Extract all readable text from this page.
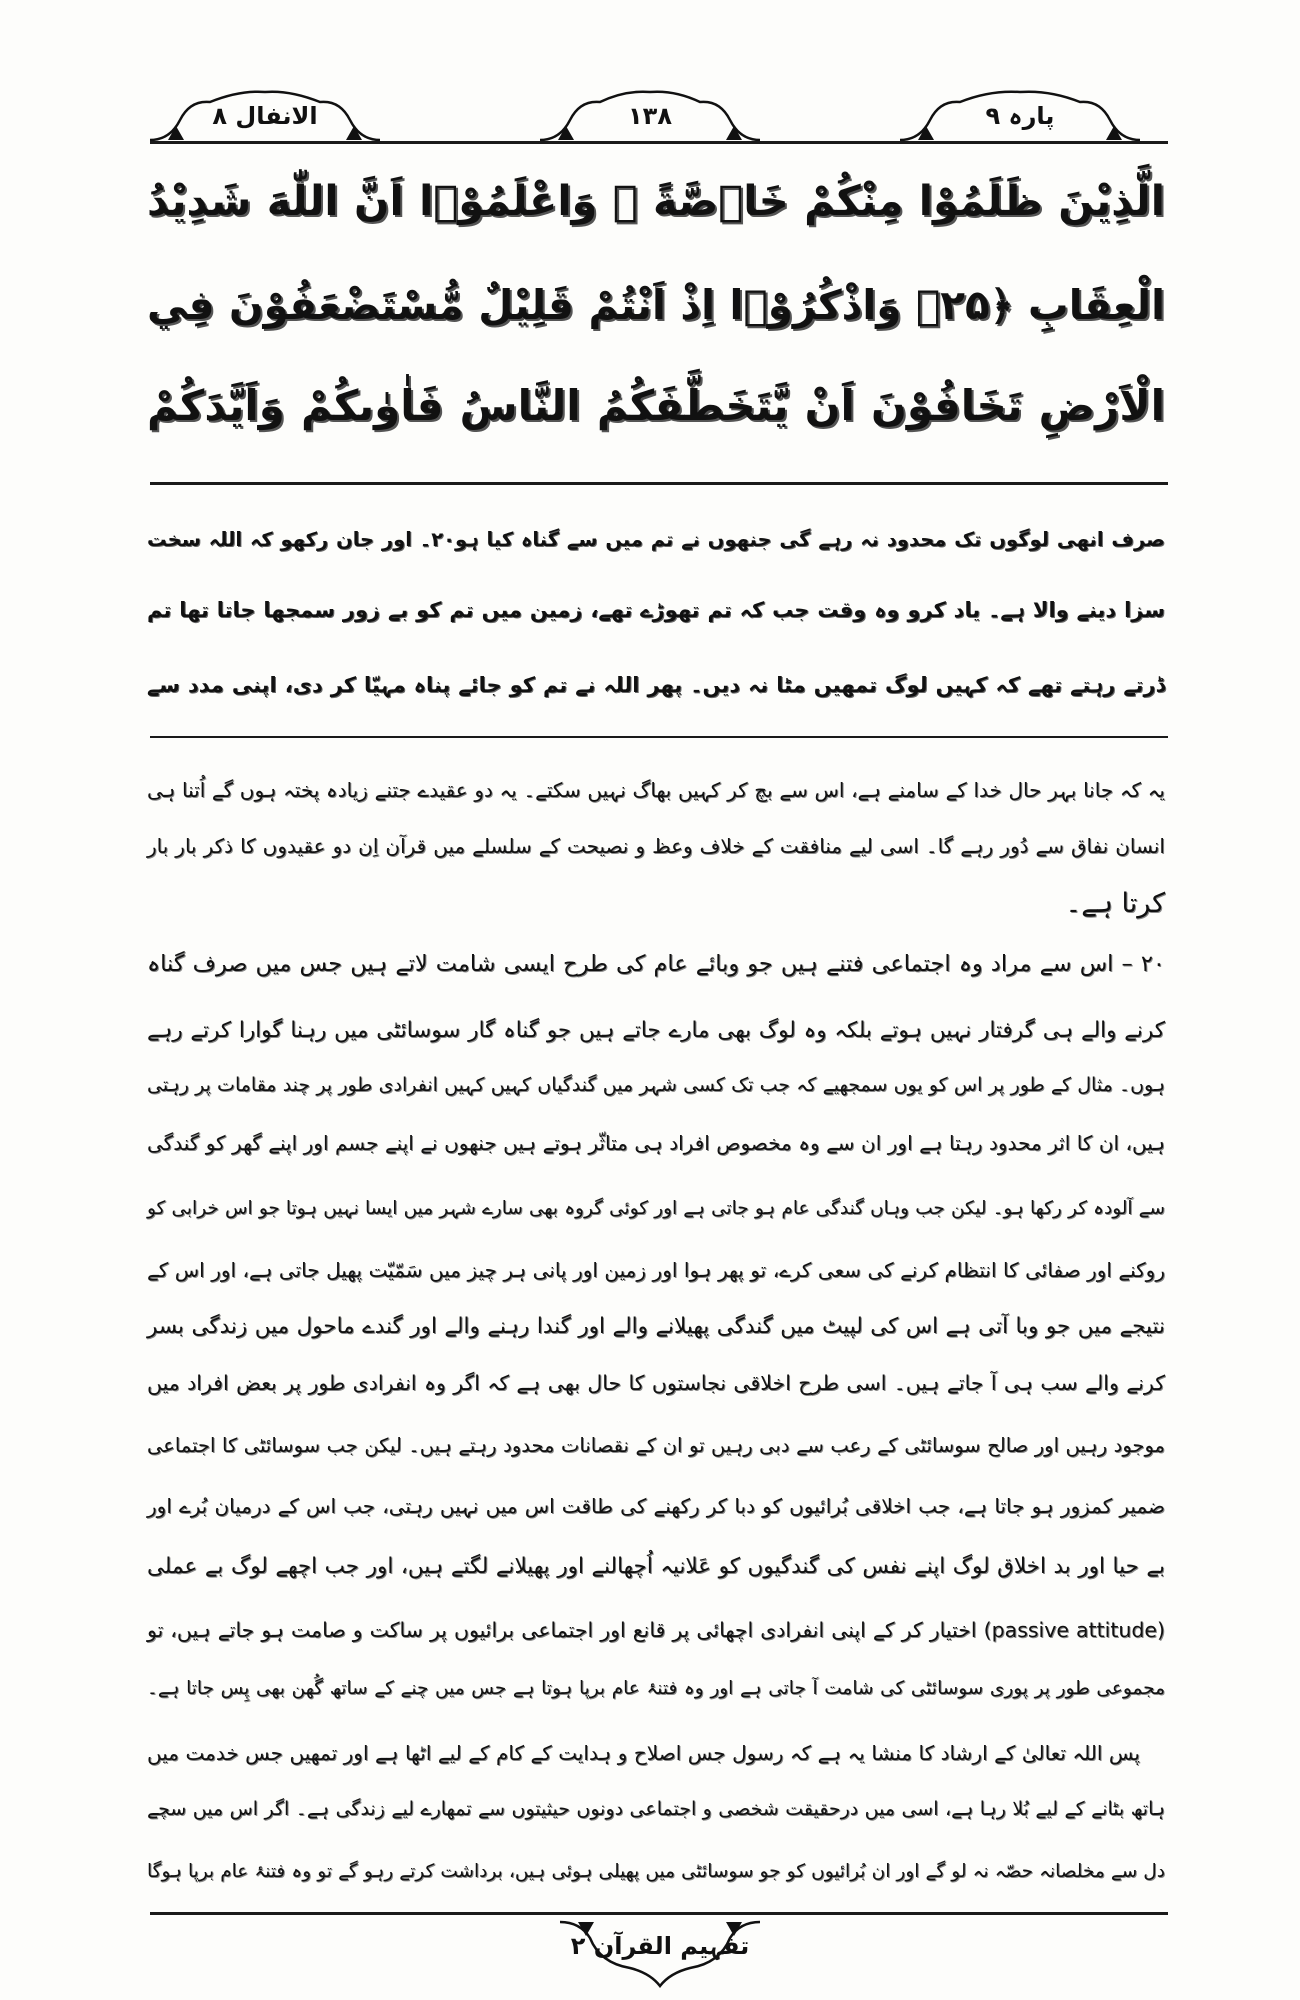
الانفال ۸	۱۳۸	پارہ ۹
الَّذِيْنَ ظَلَمُوْا مِنْكُمْ خَاۤصَّةً ۚ وَاعْلَمُوْۤا اَنَّ اللّٰهَ شَدِيْدُ
الْعِقَابِ ﴿۲۵﴾ وَاذْكُرُوْۤا اِذْ اَنْتُمْ قَلِيْلٌ مُّسْتَضْعَفُوْنَ فِي
الْاَرْضِ تَخَافُوْنَ اَنْ يَّتَخَطَّفَكُمُ النَّاسُ فَاٰوٰىكُمْ وَاَيَّدَكُمْ
صرف انھی لوگوں تک محدود نہ رہے گی جنھوں نے تم میں سے گناہ کیا ہو۲۰۔ اور جان رکھو کہ اللہ سخت
سزا دینے والا ہے۔ یاد کرو وہ وقت جب کہ تم تھوڑے تھے، زمین میں تم کو بے زور سمجھا جاتا تھا تم
ڈرتے رہتے تھے کہ کہیں لوگ تمھیں مٹا نہ دیں۔ پھر اللہ نے تم کو جائے پناہ مہیّا کر دی، اپنی مدد سے
یہ کہ جانا بہر حال خدا کے سامنے ہے، اس سے بچ کر کہیں بھاگ نہیں سکتے۔ یہ دو عقیدے جتنے زیادہ پختہ ہوں گے اُتنا ہی
انسان نفاق سے دُور رہے گا۔ اسی لیے منافقت کے خلاف وعظ و نصیحت کے سلسلے میں قرآن اِن دو عقیدوں کا ذکر بار بار
کرتا ہے۔
۲۰ – اس سے مراد وہ اجتماعی فتنے ہیں جو وبائے عام کی طرح ایسی شامت لاتے ہیں جس میں صرف گناہ
کرنے والے ہی گرفتار نہیں ہوتے بلکہ وہ لوگ بھی مارے جاتے ہیں جو گناہ گار سوسائٹی میں رہنا گوارا کرتے رہے
ہوں۔ مثال کے طور پر اس کو یوں سمجھیے کہ جب تک کسی شہر میں گندگیاں کہیں کہیں انفرادی طور پر چند مقامات پر رہتی
ہیں، ان کا اثر محدود رہتا ہے اور ان سے وہ مخصوص افراد ہی متاثّر ہوتے ہیں جنھوں نے اپنے جسم اور اپنے گھر کو گندگی
سے آلودہ کر رکھا ہو۔ لیکن جب وہاں گندگی عام ہو جاتی ہے اور کوئی گروہ بھی سارے شہر میں ایسا نہیں ہوتا جو اس خرابی کو
روکنے اور صفائی کا انتظام کرنے کی سعی کرے، تو پھر ہوا اور زمین اور پانی ہر چیز میں سَمّیّت پھیل جاتی ہے، اور اس کے
نتیجے میں جو وبا آتی ہے اس کی لپیٹ میں گندگی پھیلانے والے اور گندا رہنے والے اور گندے ماحول میں زندگی بسر
کرنے والے سب ہی آ جاتے ہیں۔ اسی طرح اخلاقی نجاستوں کا حال بھی ہے کہ اگر وہ انفرادی طور پر بعض افراد میں
موجود رہیں اور صالح سوسائٹی کے رعب سے دبی رہیں تو ان کے نقصانات محدود رہتے ہیں۔ لیکن جب سوسائٹی کا اجتماعی
ضمیر کمزور ہو جاتا ہے، جب اخلاقی بُرائیوں کو دبا کر رکھنے کی طاقت اس میں نہیں رہتی، جب اس کے درمیان بُرے اور
بے حیا اور بد اخلاق لوگ اپنے نفس کی گندگیوں کو عَلانیہ اُچھالنے اور پھیلانے لگتے ہیں، اور جب اچھے لوگ بے عملی
(passive attitude) اختیار کر کے اپنی انفرادی اچھائی پر قانع اور اجتماعی برائیوں پر ساکت و صامت ہو جاتے ہیں، تو
مجموعی طور پر پوری سوسائٹی کی شامت آ جاتی ہے اور وہ فتنۂ عام برپا ہوتا ہے جس میں چنے کے ساتھ گُھن بھی پِس جاتا ہے۔
پس اللہ تعالیٰ کے ارشاد کا منشا یہ ہے کہ رسول جس اصلاح و ہدایت کے کام کے لیے اٹھا ہے اور تمھیں جس خدمت میں
ہاتھ بٹانے کے لیے بُلا رہا ہے، اسی میں درحقیقت شخصی و اجتماعی دونوں حیثیتوں سے تمھارے لیے زندگی ہے۔ اگر اس میں سچے
دل سے مخلصانہ حصّہ نہ لو گے اور ان بُرائیوں کو جو سوسائٹی میں پھیلی ہوئی ہیں، برداشت کرتے رہو گے تو وہ فتنۂ عام برپا ہوگا
تفہیم القرآن ۲
